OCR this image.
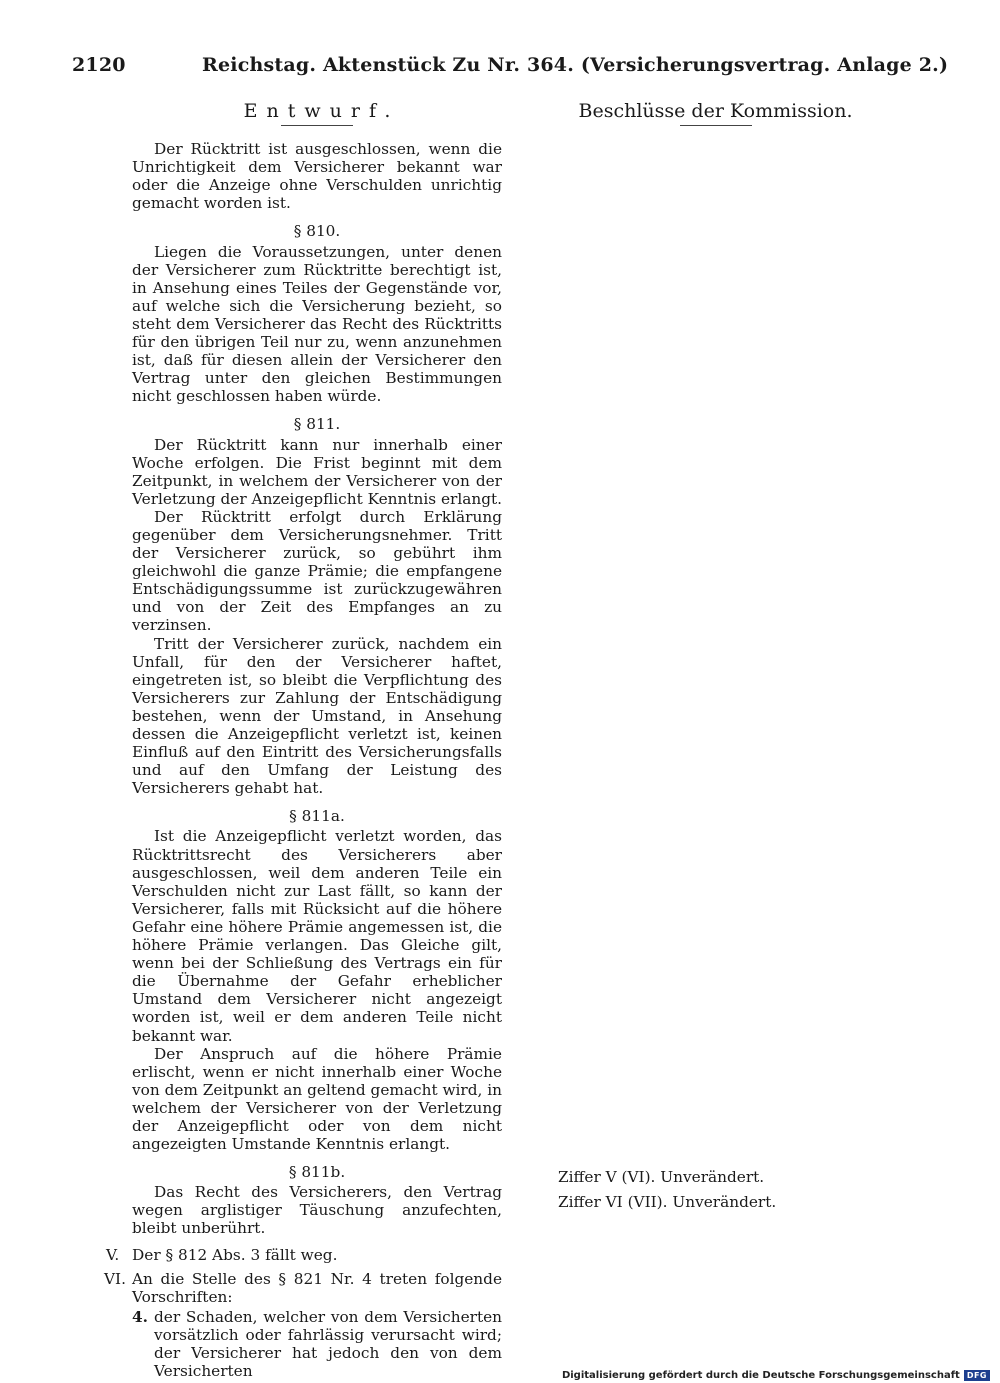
2120	Reichstag. Aktenstück Zu Nr. 364. (Versicherungsvertrag. Anlage 2.)
Entwurf.

Der Rücktritt ist ausgeschlossen, wenn die Unrichtigkeit dem Versicherer bekannt war oder die Anzeige ohne Verschulden unrichtig gemacht worden ist.

§ 810.

Liegen die Voraussetzungen, unter denen der Versicherer zum Rücktritte berechtigt ist, in Ansehung eines Teiles der Gegenstände vor, auf welche sich die Versicherung bezieht, so steht dem Versicherer das Recht des Rücktritts für den übrigen Teil nur zu, wenn anzunehmen ist, daß für diesen allein der Versicherer den Vertrag unter den gleichen Bestimmungen nicht geschlossen haben würde.

§ 811.

Der Rücktritt kann nur innerhalb einer Woche erfolgen. Die Frist beginnt mit dem Zeitpunkt, in welchem der Versicherer von der Verletzung der Anzeigepflicht Kenntnis erlangt.

Der Rücktritt erfolgt durch Erklärung gegenüber dem Versicherungsnehmer. Tritt der Versicherer zurück, so gebührt ihm gleichwohl die ganze Prämie; die empfangene Entschädigungssumme ist zurückzugewähren und von der Zeit des Empfanges an zu verzinsen.

Tritt der Versicherer zurück, nachdem ein Unfall, für den der Versicherer haftet, eingetreten ist, so bleibt die Verpflichtung des Versicherers zur Zahlung der Entschädigung bestehen, wenn der Umstand, in Ansehung dessen die Anzeigepflicht verletzt ist, keinen Einfluß auf den Eintritt des Versicherungsfalls und auf den Umfang der Leistung des Versicherers gehabt hat.

§ 811a.

Ist die Anzeigepflicht verletzt worden, das Rücktrittsrecht des Versicherers aber ausgeschlossen, weil dem anderen Teile ein Verschulden nicht zur Last fällt, so kann der Versicherer, falls mit Rücksicht auf die höhere Gefahr eine höhere Prämie angemessen ist, die höhere Prämie verlangen. Das Gleiche gilt, wenn bei der Schließung des Vertrags ein für die Übernahme der Gefahr erheblicher Umstand dem Versicherer nicht angezeigt worden ist, weil er dem anderen Teile nicht bekannt war.

Der Anspruch auf die höhere Prämie erlischt, wenn er nicht innerhalb einer Woche von dem Zeitpunkt an geltend gemacht wird, in welchem der Versicherer von der Verletzung der Anzeigepflicht oder von dem nicht angezeigten Umstande Kenntnis erlangt.

§ 811b.

Das Recht des Versicherers, den Vertrag wegen arglistiger Täuschung anzufechten, bleibt unberührt.

V. Der § 812 Abs. 3 fällt weg.
VI. An die Stelle des § 821 Nr. 4 treten folgende Vorschriften:
4. der Schaden, welcher von dem Versicherten vorsätzlich oder fahrlässig verursacht wird; der Versicherer hat jedoch den von dem Versicherten
Beschlüsse der Kommission.
Ziffer V (VI). Unverändert.
Ziffer VI (VII). Unverändert.
Digitalisierung gefördert durch die Deutsche Forschungsgemeinschaft DFG
